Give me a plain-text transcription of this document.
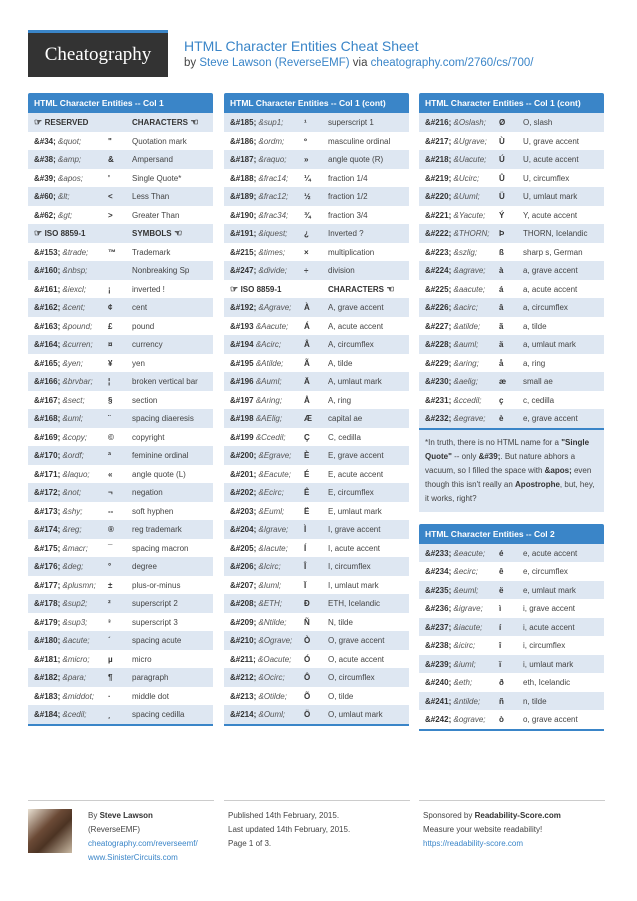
Cheatography	HTML Character Entities Cheat Sheet
by Steve Lawson (ReverseEMF) via cheatography.com/2760/cs/700/
HTML Character Entities -- Col 1
☞ RESERVED		CHARACTERS ☜
&#34; &quot;	"	Quotation mark
&#38; &amp;	&	Ampersand
&#39; &apos;	'	Single Quote*
&#60; &lt;	<	Less Than
&#62; &gt;	>	Greater Than
☞ ISO 8859-1		SYMBOLS ☜
&#153; &trade;	™	Trademark
&#160; &nbsp;		Nonbreaking Sp
&#161; &iexcl;	¡	inverted !
&#162; &cent;	¢	cent
&#163; &pound;	£	pound
&#164; &curren;	¤	currency
&#165; &yen;	¥	yen
&#166; &brvbar;	¦	broken vertical bar
&#167; &sect;	§	section
&#168; &uml;	¨	spacing diaeresis
&#169; &copy;	©	copyright
&#170; &ordf;	ª	feminine ordinal
&#171; &laquo;	«	angle quote (L)
&#172; &not;	¬	negation
&#173; &shy;	--	soft hyphen
&#174; &reg;	®	reg trademark
&#175; &macr;	¯	spacing macron
&#176; &deg;	°	degree
&#177; &plusmn;	±	plus-or-minus
&#178; &sup2;	²	superscript 2
&#179; &sup3;	³	superscript 3
&#180; &acute;	´	spacing acute
&#181; &micro;	µ	micro
&#182; &para;	¶	paragraph
&#183; &middot;	·	middle dot
&#184; &cedil;	¸	spacing cedilla
HTML Character Entities -- Col 1 (cont)
&#185; &sup1;	¹	superscript 1
&#186; &ordm;	º	masculine ordinal
&#187; &raquo;	»	angle quote (R)
&#188; &frac14;	¼	fraction 1/4
&#189; &frac12;	½	fraction 1/2
&#190; &frac34;	¾	fraction 3/4
&#191; &iquest;	¿	Inverted ?
&#215; &times;	×	multiplication
&#247; &divide;	÷	division
☞ ISO 8859-1		CHARACTERS ☜
&#192; &Agrave;	À	A, grave accent
&#193 &Aacute;	Á	A, acute accent
&#194 &Acirc;	Â	A, circumflex
&#195 &Atilde;	Ã	A, tilde
&#196 &Auml;	Ä	A, umlaut mark
&#197 &Aring;	Å	A, ring
&#198 &AElig;	Æ	capital ae
&#199 &Ccedil;	Ç	C, cedilla
&#200; &Egrave;	È	E, grave accent
&#201; &Eacute;	É	E, acute accent
&#202; &Ecirc;	Ê	E, circumflex
&#203; &Euml;	Ë	E, umlaut mark
&#204; &Igrave;	Ì	I, grave accent
&#205; &Iacute;	Í	I, acute accent
&#206; &Icirc;	Î	I, circumflex
&#207; &Iuml;	Ï	I, umlaut mark
&#208; &ETH;	Ð	ETH, Icelandic
&#209; &Ntilde;	Ñ	N, tilde
&#210; &Ograve;	Ò	O, grave accent
&#211; &Oacute;	Ó	O, acute accent
&#212; &Ocirc;	Ô	O, circumflex
&#213; &Otilde;	Õ	O, tilde
&#214; &Ouml;	Ö	O, umlaut mark
HTML Character Entities -- Col 1 (cont)
&#216; &Oslash;	Ø	O, slash
&#217; &Ugrave;	Ù	U, grave accent
&#218; &Uacute;	Ú	U, acute accent
&#219; &Ucirc;	Û	U, circumflex
&#220; &Uuml;	Ü	U, umlaut mark
&#221; &Yacute;	Ý	Y, acute accent
&#222; &THORN;	Þ	THORN, Icelandic
&#223; &szlig;	ß	sharp s, German
&#224; &agrave;	à	a, grave accent
&#225; &aacute;	á	a, acute accent
&#226; &acirc;	â	a, circumflex
&#227; &atilde;	ã	a, tilde
&#228; &auml;	ä	a, umlaut mark
&#229; &aring;	å	a, ring
&#230; &aelig;	æ	small ae
&#231; &ccedil;	ç	c, cedilla
&#232; &egrave;	è	e, grave accent
*In truth, there is no HTML name for a "Single Quote" -- only &#39;. But nature abhors a vacuum, so I filled the space with &apos; even though this isn't really an Apostrophe, but, hey, it works, right?
HTML Character Entities -- Col 2
&#233; &eacute;	é	e, acute accent
&#234; &ecirc;	ê	e, circumflex
&#235; &euml;	ë	e, umlaut mark
&#236; &igrave;	ì	i, grave accent
&#237; &iacute;	í	i, acute accent
&#238; &icirc;	î	i, circumflex
&#239; &iuml;	ï	i, umlaut mark
&#240; &eth;	ð	eth, Icelandic
&#241; &ntilde;	ñ	n, tilde
&#242; &ograve;	ò	o, grave accent
By Steve Lawson
(ReverseEMF)
cheatography.com/reverseemf/
www.SinisterCircuits.com
Published 14th February, 2015.
Last updated 14th February, 2015.
Page 1 of 3.
Sponsored by Readability-Score.com
Measure your website readability!
https://readability-score.com
